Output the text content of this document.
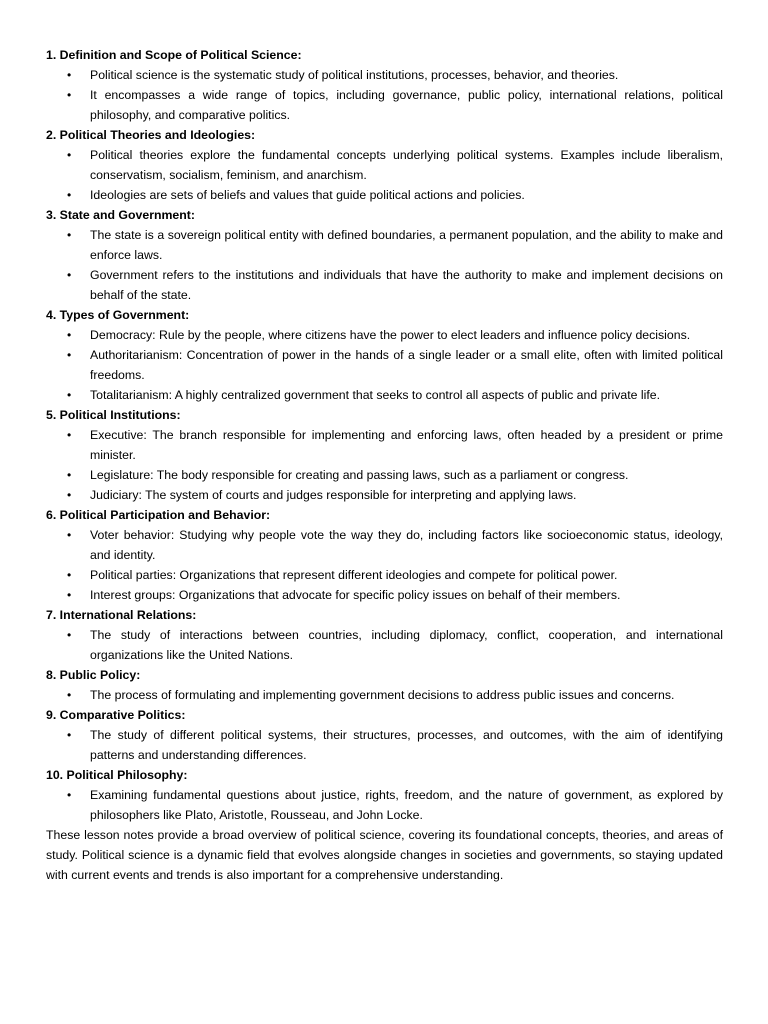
1. Definition and Scope of Political Science:

• Political science is the systematic study of political institutions, processes, behavior, and theories.
• It encompasses a wide range of topics, including governance, public policy, international relations, political philosophy, and comparative politics.

2. Political Theories and Ideologies:

• Political theories explore the fundamental concepts underlying political systems. Examples include liberalism, conservatism, socialism, feminism, and anarchism.
• Ideologies are sets of beliefs and values that guide political actions and policies.

3. State and Government:

• The state is a sovereign political entity with defined boundaries, a permanent population, and the ability to make and enforce laws.
• Government refers to the institutions and individuals that have the authority to make and implement decisions on behalf of the state.

4. Types of Government:

• Democracy: Rule by the people, where citizens have the power to elect leaders and influence policy decisions.
• Authoritarianism: Concentration of power in the hands of a single leader or a small elite, often with limited political freedoms.
• Totalitarianism: A highly centralized government that seeks to control all aspects of public and private life.

5. Political Institutions:

• Executive: The branch responsible for implementing and enforcing laws, often headed by a president or prime minister.
• Legislature: The body responsible for creating and passing laws, such as a parliament or congress.
• Judiciary: The system of courts and judges responsible for interpreting and applying laws.

6. Political Participation and Behavior:

• Voter behavior: Studying why people vote the way they do, including factors like socioeconomic status, ideology, and identity.
• Political parties: Organizations that represent different ideologies and compete for political power.
• Interest groups: Organizations that advocate for specific policy issues on behalf of their members.

7. International Relations:

• The study of interactions between countries, including diplomacy, conflict, cooperation, and international organizations like the United Nations.

8. Public Policy:

• The process of formulating and implementing government decisions to address public issues and concerns.

9. Comparative Politics:

• The study of different political systems, their structures, processes, and outcomes, with the aim of identifying patterns and understanding differences.

10. Political Philosophy:

• Examining fundamental questions about justice, rights, freedom, and the nature of government, as explored by philosophers like Plato, Aristotle, Rousseau, and John Locke.

These lesson notes provide a broad overview of political science, covering its foundational concepts, theories, and areas of study. Political science is a dynamic field that evolves alongside changes in societies and governments, so staying updated with current events and trends is also important for a comprehensive understanding.
